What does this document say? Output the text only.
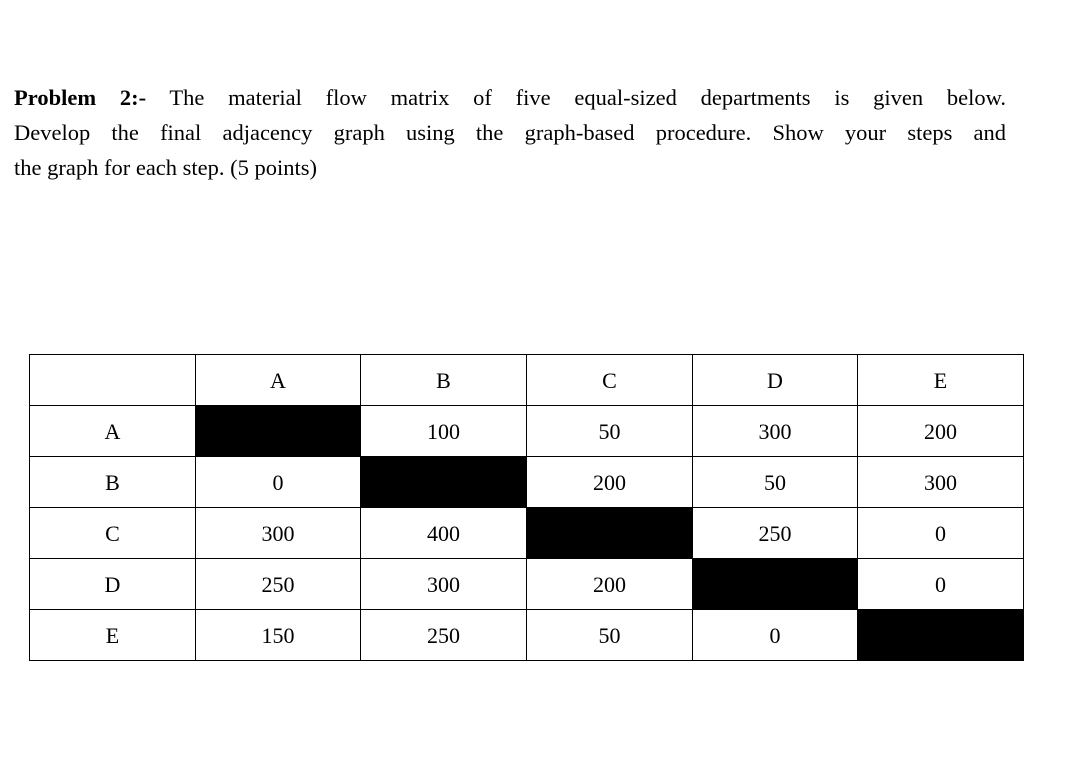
Problem 2:- The material flow matrix of five equal-sized departments is given below.
Develop the final adjacency graph using the graph-based procedure. Show your steps and
the graph for each step. (5 points)

	A	B	C	D	E
A		100	50	300	200
B	0		200	50	300
C	300	400		250	0
D	250	300	200		0
E	150	250	50	0	
